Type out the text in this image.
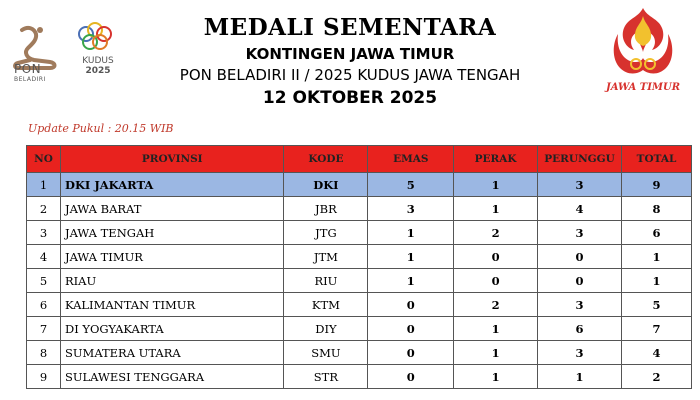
PON
BELADIRI
KUDUS
2025
JAWA TIMUR
MEDALI SEMENTARA
KONTINGEN JAWA TIMUR
PON BELADIRI II / 2025 KUDUS JAWA TENGAH
12 OKTOBER 2025
Update Pukul : 20.15 WIB
NO	PROVINSI	KODE	EMAS	PERAK	PERUNGGU	TOTAL
1	DKI JAKARTA	DKI	5	1	3	9
2	JAWA BARAT	JBR	3	1	4	8
3	JAWA TENGAH	JTG	1	2	3	6
4	JAWA TIMUR	JTM	1	0	0	1
5	RIAU	RIU	1	0	0	1
6	KALIMANTAN TIMUR	KTM	0	2	3	5
7	DI YOGYAKARTA	DIY	0	1	6	7
8	SUMATERA UTARA	SMU	0	1	3	4
9	SULAWESI TENGGARA	STR	0	1	1	2
